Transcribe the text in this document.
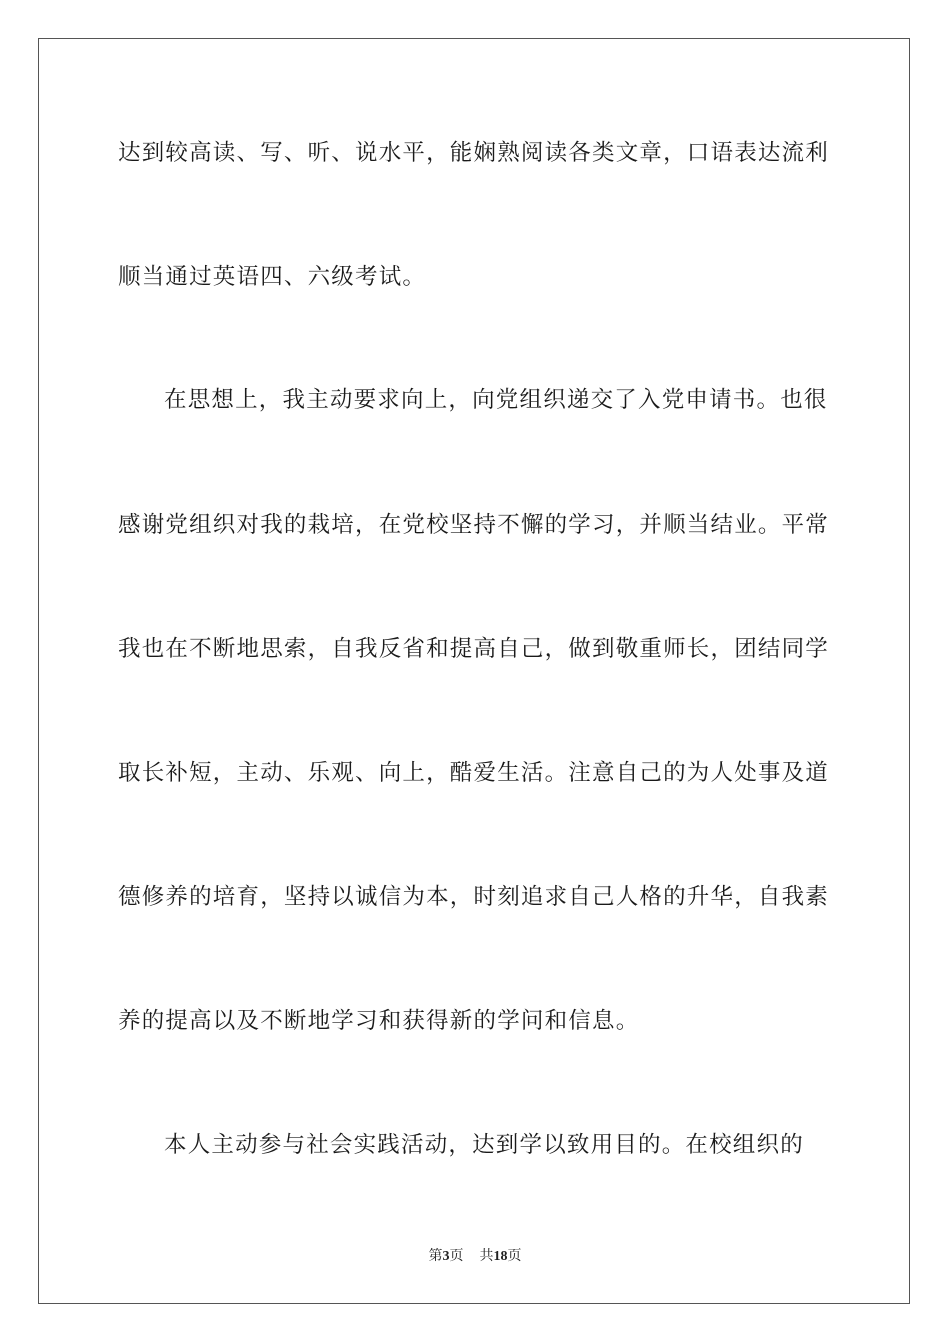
达到较高读、写、听、说水平，能娴熟阅读各类文章，口语表达流利
顺当通过英语四、六级考试。
在思想上，我主动要求向上，向党组织递交了入党申请书。也很
感谢党组织对我的栽培，在党校坚持不懈的学习，并顺当结业。平常
我也在不断地思索，自我反省和提高自己，做到敬重师长，团结同学
取长补短，主动、乐观、向上，酷爱生活。注意自己的为人处事及道
德修养的培育，坚持以诚信为本，时刻追求自己人格的升华，自我素
养的提高以及不断地学习和获得新的学问和信息。
本人主动参与社会实践活动，达到学以致用目的。在校组织的
第3页 共18页
